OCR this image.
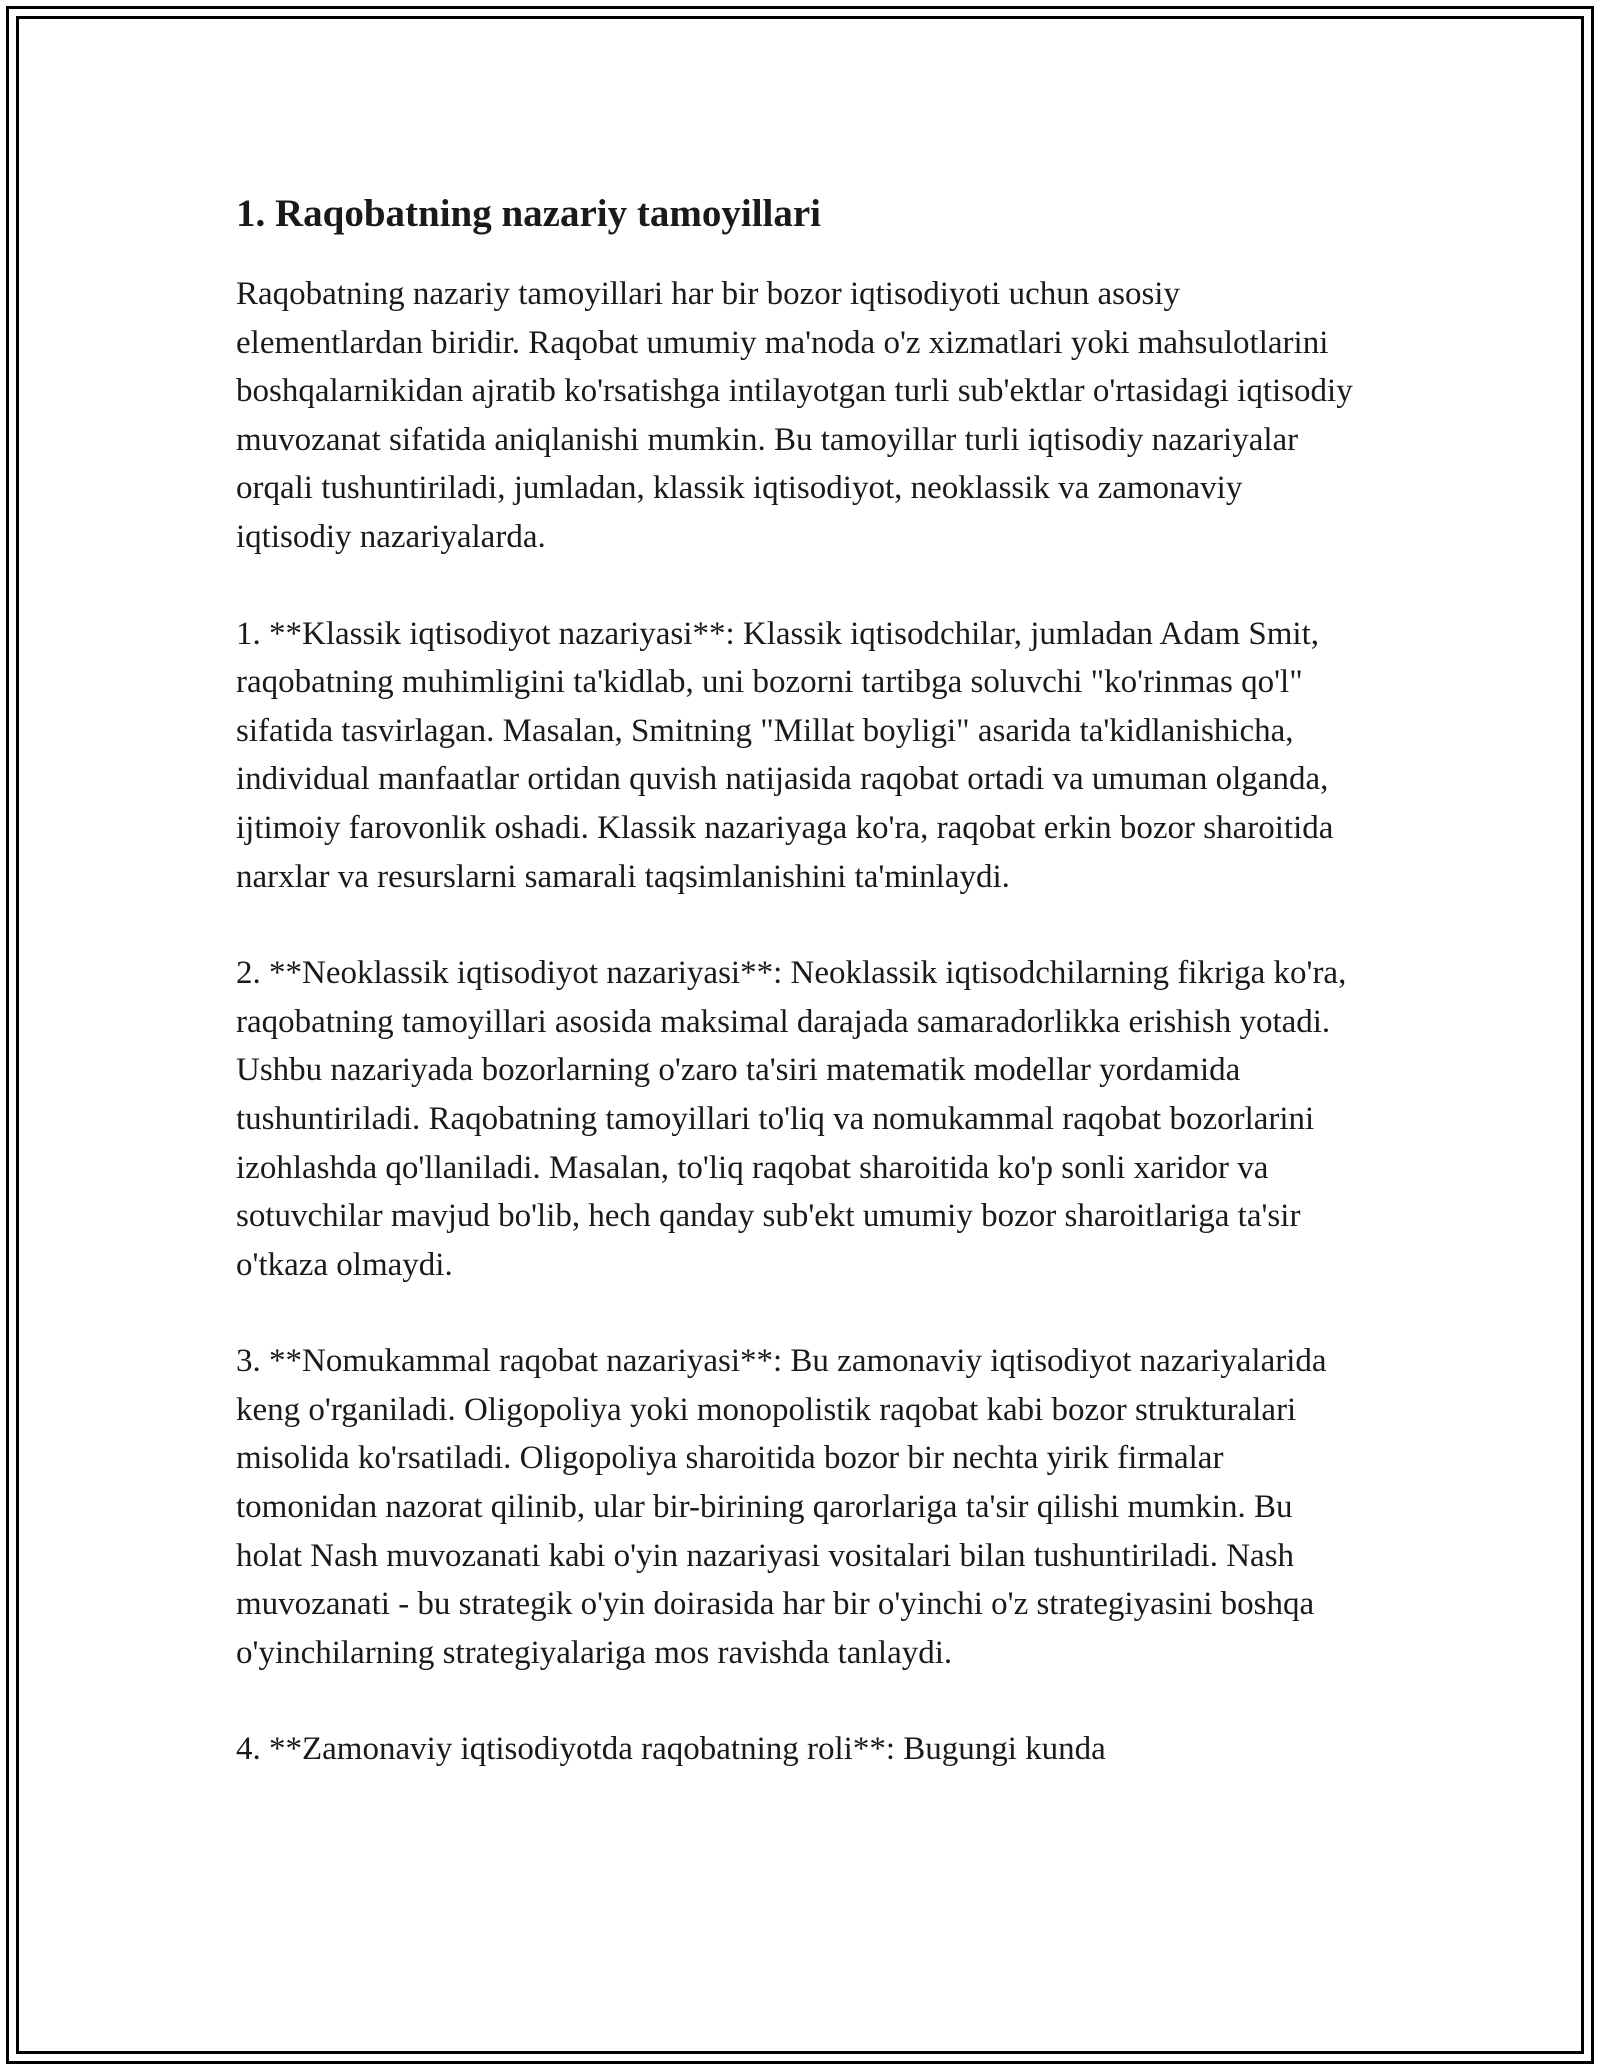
1. Raqobatning nazariy tamoyillari

Raqobatning nazariy tamoyillari har bir bozor iqtisodiyoti uchun asosiy elementlardan biridir. Raqobat umumiy ma'noda o'z xizmatlari yoki mahsulotlarini boshqalarnikidan ajratib ko'rsatishga intilayotgan turli sub'ektlar o'rtasidagi iqtisodiy muvozanat sifatida aniqlanishi mumkin. Bu tamoyillar turli iqtisodiy nazariyalar orqali tushuntiriladi, jumladan, klassik iqtisodiyot, neoklassik va zamonaviy iqtisodiy nazariyalarda.

1. **Klassik iqtisodiyot nazariyasi**: Klassik iqtisodchilar, jumladan Adam Smit, raqobatning muhimligini ta'kidlab, uni bozorni tartibga soluvchi "ko'rinmas qo'l" sifatida tasvirlagan. Masalan, Smitning "Millat boyligi" asarida ta'kidlanishicha, individual manfaatlar ortidan quvish natijasida raqobat ortadi va umuman olganda, ijtimoiy farovonlik oshadi. Klassik nazariyaga ko'ra, raqobat erkin bozor sharoitida narxlar va resurslarni samarali taqsimlanishini ta'minlaydi.

2. **Neoklassik iqtisodiyot nazariyasi**: Neoklassik iqtisodchilarning fikriga ko'ra, raqobatning tamoyillari asosida maksimal darajada samaradorlikka erishish yotadi. Ushbu nazariyada bozorlarning o'zaro ta'siri matematik modellar yordamida tushuntiriladi. Raqobatning tamoyillari to'liq va nomukammal raqobat bozorlarini izohlashda qo'llaniladi. Masalan, to'liq raqobat sharoitida ko'p sonli xaridor va sotuvchilar mavjud bo'lib, hech qanday sub'ekt umumiy bozor sharoitlariga ta'sir o'tkaza olmaydi.

3. **Nomukammal raqobat nazariyasi**: Bu zamonaviy iqtisodiyot nazariyalarida keng o'rganiladi. Oligopoliya yoki monopolistik raqobat kabi bozor strukturalari misolida ko'rsatiladi. Oligopoliya sharoitida bozor bir nechta yirik firmalar tomonidan nazorat qilinib, ular bir-birining qarorlariga ta'sir qilishi mumkin. Bu holat Nash muvozanati kabi o'yin nazariyasi vositalari bilan tushuntiriladi. Nash muvozanati - bu strategik o'yin doirasida har bir o'yinchi o'z strategiyasini boshqa o'yinchilarning strategiyalariga mos ravishda tanlaydi.

4. **Zamonaviy iqtisodiyotda raqobatning roli**: Bugungi kunda
